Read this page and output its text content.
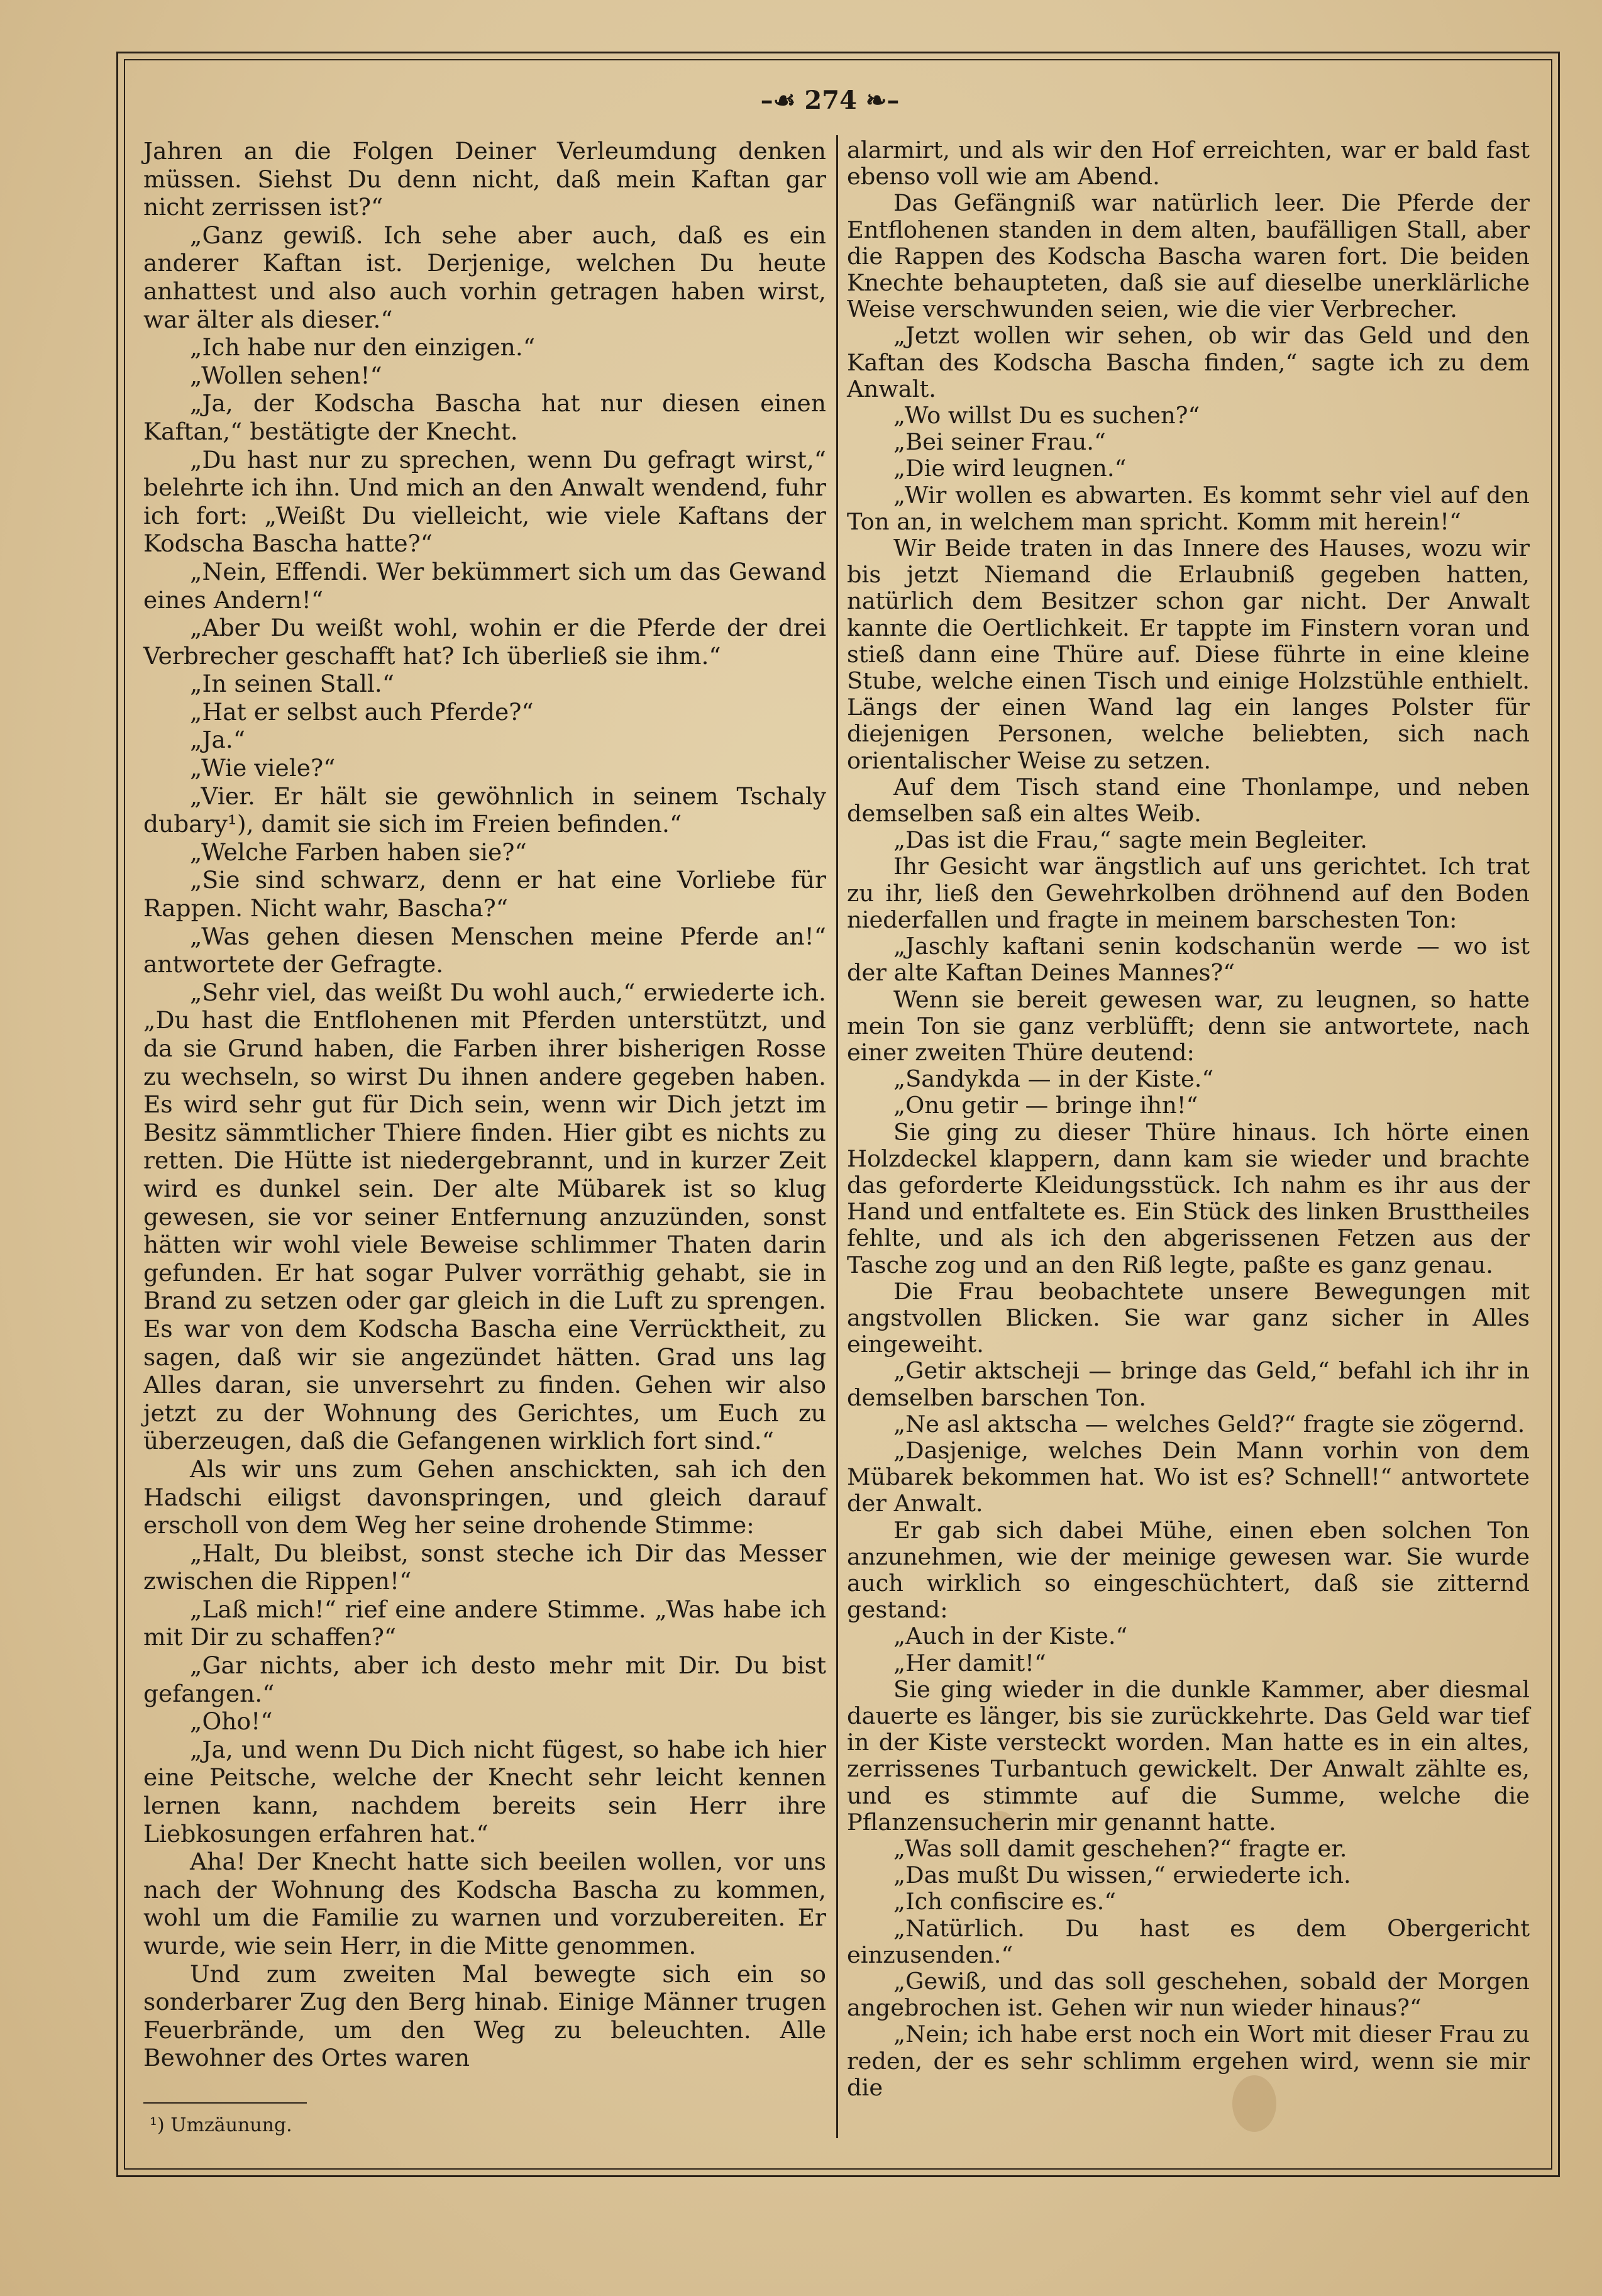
–☙ 274 ❧–

Jahren an die Folgen Deiner Verleumdung denken müssen. Siehst Du denn nicht, daß mein Kaftan gar nicht zerrissen ist?“

„Ganz gewiß. Ich sehe aber auch, daß es ein anderer Kaftan ist. Derjenige, welchen Du heute anhattest und also auch vorhin getragen haben wirst, war älter als dieser.“

„Ich habe nur den einzigen.“

„Wollen sehen!“

„Ja, der Kodscha Bascha hat nur diesen einen Kaftan,“ bestätigte der Knecht.

„Du hast nur zu sprechen, wenn Du gefragt wirst,“ belehrte ich ihn. Und mich an den Anwalt wendend, fuhr ich fort: „Weißt Du vielleicht, wie viele Kaftans der Kodscha Bascha hatte?“

„Nein, Effendi. Wer bekümmert sich um das Gewand eines Andern!“

„Aber Du weißt wohl, wohin er die Pferde der drei Verbrecher geschafft hat? Ich überließ sie ihm.“

„In seinen Stall.“

„Hat er selbst auch Pferde?“

„Ja.“

„Wie viele?“

„Vier. Er hält sie gewöhnlich in seinem Tschaly dubary¹), damit sie sich im Freien befinden.“

„Welche Farben haben sie?“

„Sie sind schwarz, denn er hat eine Vorliebe für Rappen. Nicht wahr, Bascha?“

„Was gehen diesen Menschen meine Pferde an!“ antwortete der Gefragte.

„Sehr viel, das weißt Du wohl auch,“ erwiederte ich. „Du hast die Entflohenen mit Pferden unterstützt, und da sie Grund haben, die Farben ihrer bisherigen Rosse zu wechseln, so wirst Du ihnen andere gegeben haben. Es wird sehr gut für Dich sein, wenn wir Dich jetzt im Besitz sämmtlicher Thiere finden. Hier gibt es nichts zu retten. Die Hütte ist niedergebrannt, und in kurzer Zeit wird es dunkel sein. Der alte Mübarek ist so klug gewesen, sie vor seiner Entfernung anzuzünden, sonst hätten wir wohl viele Beweise schlimmer Thaten darin gefunden. Er hat sogar Pulver vorräthig gehabt, sie in Brand zu setzen oder gar gleich in die Luft zu sprengen. Es war von dem Kodscha Bascha eine Verrücktheit, zu sagen, daß wir sie angezündet hätten. Grad uns lag Alles daran, sie unversehrt zu finden. Gehen wir also jetzt zu der Wohnung des Gerichtes, um Euch zu überzeugen, daß die Gefangenen wirklich fort sind.“

Als wir uns zum Gehen anschickten, sah ich den Hadschi eiligst davonspringen, und gleich darauf erscholl von dem Weg her seine drohende Stimme:

„Halt, Du bleibst, sonst steche ich Dir das Messer zwischen die Rippen!“

„Laß mich!“ rief eine andere Stimme. „Was habe ich mit Dir zu schaffen?“

„Gar nichts, aber ich desto mehr mit Dir. Du bist gefangen.“

„Oho!“

„Ja, und wenn Du Dich nicht fügest, so habe ich hier eine Peitsche, welche der Knecht sehr leicht kennen lernen kann, nachdem bereits sein Herr ihre Liebkosungen erfahren hat.“

Aha! Der Knecht hatte sich beeilen wollen, vor uns nach der Wohnung des Kodscha Bascha zu kommen, wohl um die Familie zu warnen und vorzubereiten. Er wurde, wie sein Herr, in die Mitte genommen.

Und zum zweiten Mal bewegte sich ein so sonderbarer Zug den Berg hinab. Einige Männer trugen Feuerbrände, um den Weg zu beleuchten. Alle Bewohner des Ortes waren

alarmirt, und als wir den Hof erreichten, war er bald fast ebenso voll wie am Abend.

Das Gefängniß war natürlich leer. Die Pferde der Entflohenen standen in dem alten, baufälligen Stall, aber die Rappen des Kodscha Bascha waren fort. Die beiden Knechte behaupteten, daß sie auf dieselbe unerklärliche Weise verschwunden seien, wie die vier Verbrecher.

„Jetzt wollen wir sehen, ob wir das Geld und den Kaftan des Kodscha Bascha finden,“ sagte ich zu dem Anwalt.

„Wo willst Du es suchen?“

„Bei seiner Frau.“

„Die wird leugnen.“

„Wir wollen es abwarten. Es kommt sehr viel auf den Ton an, in welchem man spricht. Komm mit herein!“

Wir Beide traten in das Innere des Hauses, wozu wir bis jetzt Niemand die Erlaubniß gegeben hatten, natürlich dem Besitzer schon gar nicht. Der Anwalt kannte die Oertlichkeit. Er tappte im Finstern voran und stieß dann eine Thüre auf. Diese führte in eine kleine Stube, welche einen Tisch und einige Holzstühle enthielt. Längs der einen Wand lag ein langes Polster für diejenigen Personen, welche beliebten, sich nach orientalischer Weise zu setzen.

Auf dem Tisch stand eine Thonlampe, und neben demselben saß ein altes Weib.

„Das ist die Frau,“ sagte mein Begleiter.

Ihr Gesicht war ängstlich auf uns gerichtet. Ich trat zu ihr, ließ den Gewehrkolben dröhnend auf den Boden niederfallen und fragte in meinem barschesten Ton:

„Jaschly kaftani senin kodschanün werde — wo ist der alte Kaftan Deines Mannes?“

Wenn sie bereit gewesen war, zu leugnen, so hatte mein Ton sie ganz verblüfft; denn sie antwortete, nach einer zweiten Thüre deutend:

„Sandykda — in der Kiste.“

„Onu getir — bringe ihn!“

Sie ging zu dieser Thüre hinaus. Ich hörte einen Holzdeckel klappern, dann kam sie wieder und brachte das geforderte Kleidungsstück. Ich nahm es ihr aus der Hand und entfaltete es. Ein Stück des linken Brusttheiles fehlte, und als ich den abgerissenen Fetzen aus der Tasche zog und an den Riß legte, paßte es ganz genau.

Die Frau beobachtete unsere Bewegungen mit angstvollen Blicken. Sie war ganz sicher in Alles eingeweiht.

„Getir aktscheji — bringe das Geld,“ befahl ich ihr in demselben barschen Ton.

„Ne asl aktscha — welches Geld?“ fragte sie zögernd.

„Dasjenige, welches Dein Mann vorhin von dem Mübarek bekommen hat. Wo ist es? Schnell!“ antwortete der Anwalt.

Er gab sich dabei Mühe, einen eben solchen Ton anzunehmen, wie der meinige gewesen war. Sie wurde auch wirklich so eingeschüchtert, daß sie zitternd gestand:

„Auch in der Kiste.“

„Her damit!“

Sie ging wieder in die dunkle Kammer, aber diesmal dauerte es länger, bis sie zurückkehrte. Das Geld war tief in der Kiste versteckt worden. Man hatte es in ein altes, zerrissenes Turbantuch gewickelt. Der Anwalt zählte es, und es stimmte auf die Summe, welche die Pflanzensucherin mir genannt hatte.

„Was soll damit geschehen?“ fragte er.

„Das mußt Du wissen,“ erwiederte ich.

„Ich confiscire es.“

„Natürlich. Du hast es dem Obergericht einzusenden.“

„Gewiß, und das soll geschehen, sobald der Morgen angebrochen ist. Gehen wir nun wieder hinaus?“

„Nein; ich habe erst noch ein Wort mit dieser Frau zu reden, der es sehr schlimm ergehen wird, wenn sie mir die

¹) Umzäunung.
